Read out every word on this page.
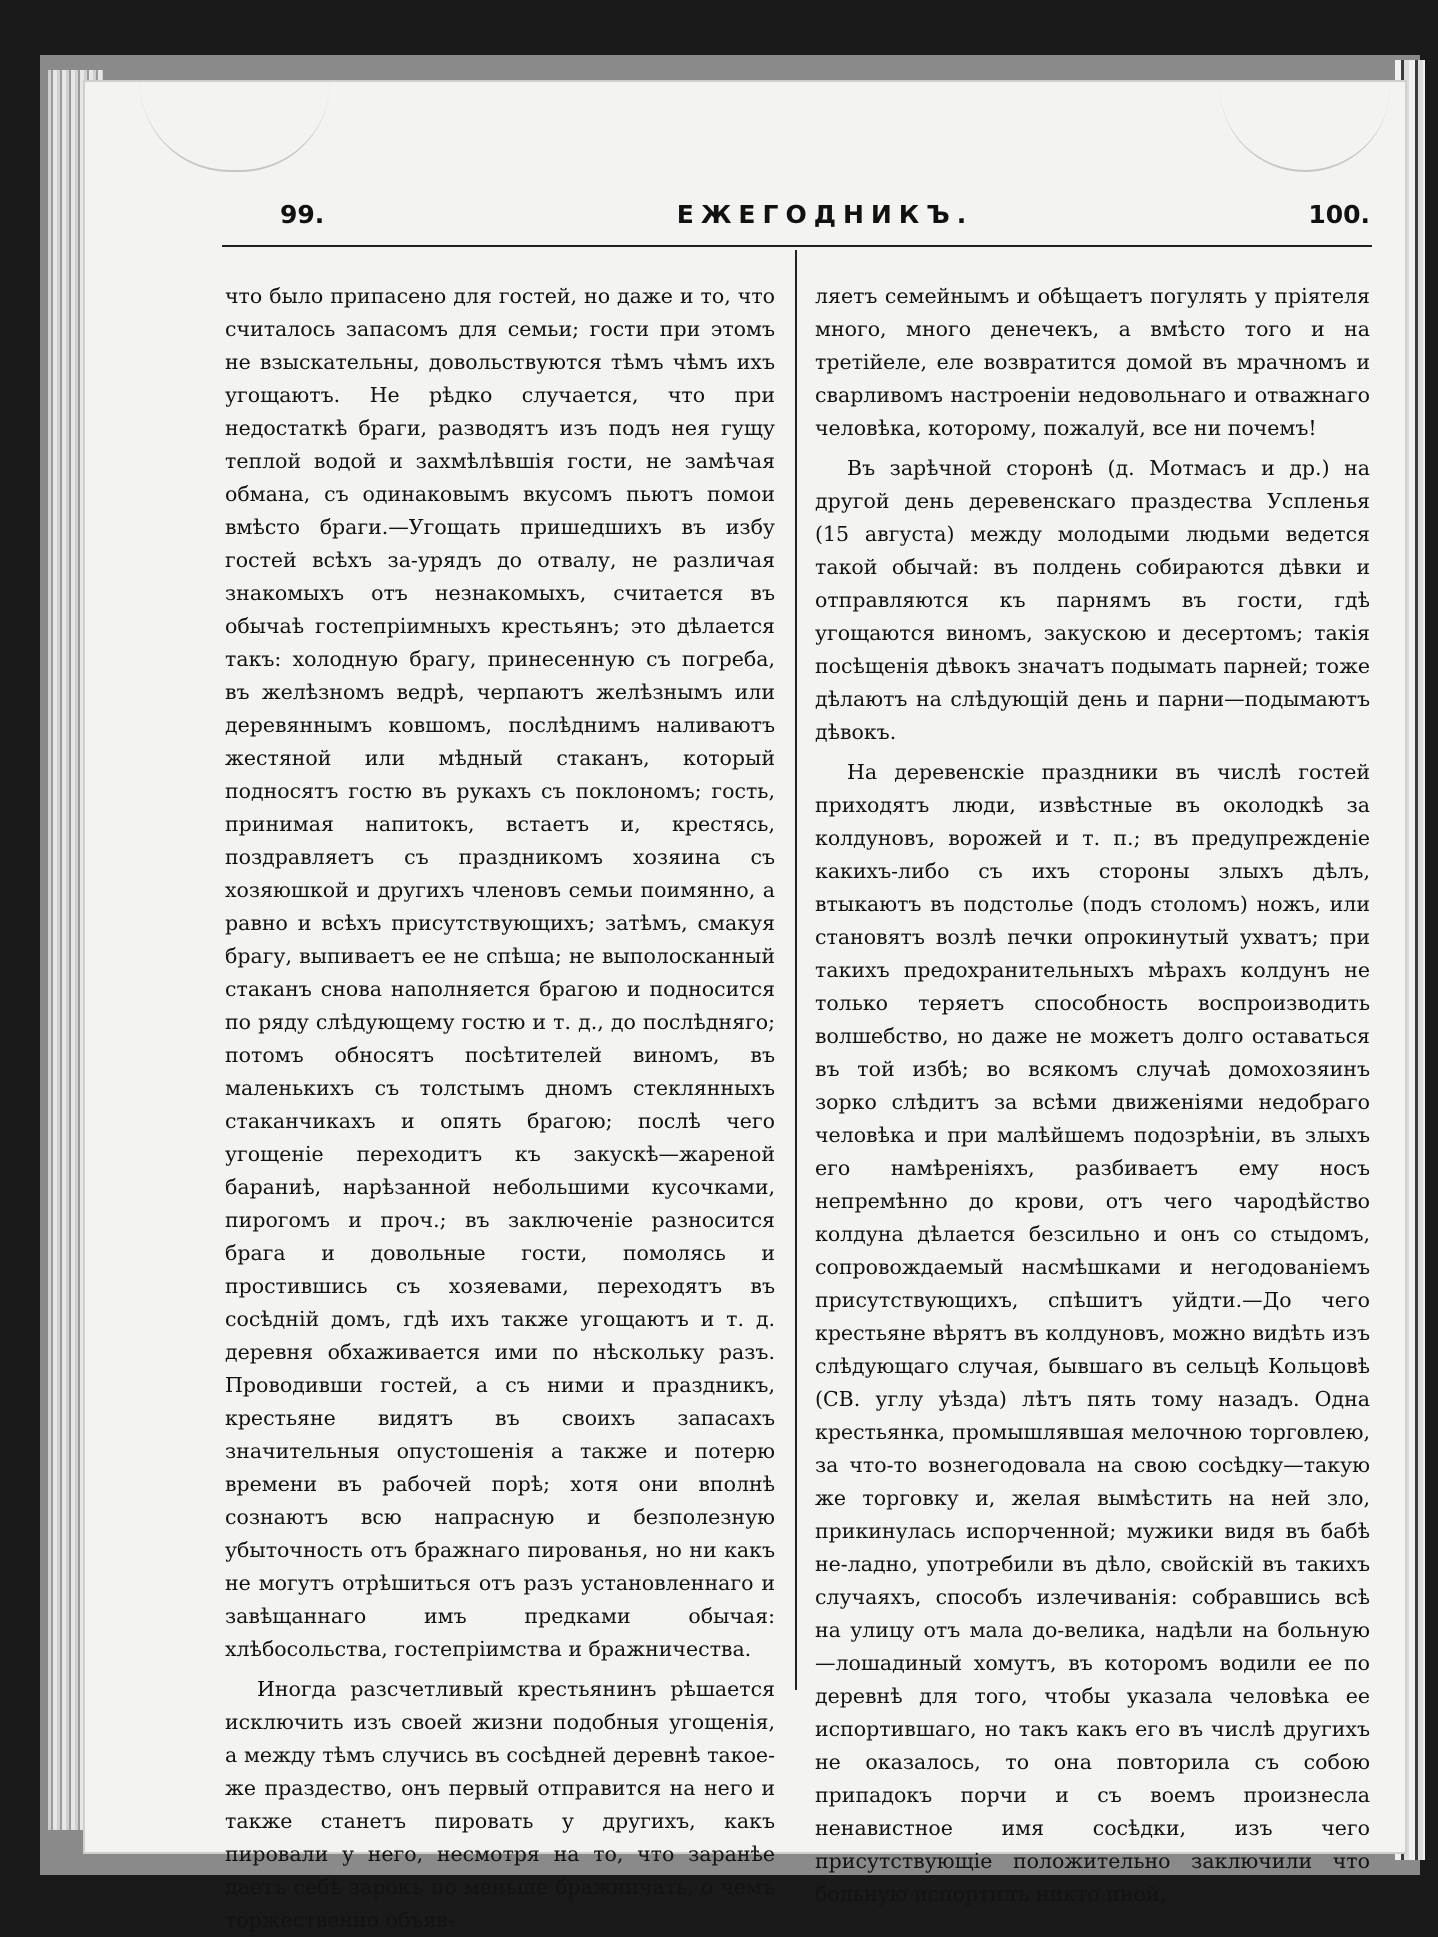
99.	ЕЖЕГОДНИКЪ.	100.

что было припасено для гостей, но даже и то, что считалось запасомъ для семьи; гости при этомъ не взыскательны, довольствуются тѣмъ чѣмъ ихъ угощаютъ. Не рѣдко случается, что при недостаткѣ браги, разводятъ изъ подъ нея гущу теплой водой и захмѣлѣвшія гости, не замѣчая обмана, съ одинаковымъ вкусомъ пьютъ помои вмѣсто браги.—Угощать пришедшихъ въ избу гостей всѣхъ за-урядъ до отвалу, не различая знакомыхъ отъ незнакомыхъ, считается въ обычаѣ гостепріимныхъ крестьянъ; это дѣлается такъ: холодную брагу, принесенную съ погреба, въ желѣзномъ ведрѣ, черпаютъ желѣзнымъ или деревяннымъ ковшомъ, послѣднимъ наливаютъ жестяной или мѣдный стаканъ, который подносятъ гостю въ рукахъ съ поклономъ; гость, принимая напитокъ, встаетъ и, крестясь, поздравляетъ съ праздникомъ хозяина съ хозяюшкой и другихъ членовъ семьи поимянно, а равно и всѣхъ присутствующихъ; затѣмъ, смакуя брагу, выпиваетъ ее не спѣша; не выполосканный стаканъ снова наполняется брагою и подносится по ряду слѣдующему гостю и т. д., до послѣдняго; потомъ обносятъ посѣтителей виномъ, въ маленькихъ съ толстымъ дномъ стеклянныхъ стаканчикахъ и опять брагою; послѣ чего угощеніе переходитъ къ закускѣ—жареной бараниѣ, нарѣзанной небольшими кусочками, пирогомъ и проч.; въ заключеніе разносится брага и довольные гости, помолясь и простившись съ хозяевами, переходятъ въ сосѣдній домъ, гдѣ ихъ также угощаютъ и т. д. деревня обхаживается ими по нѣскольку разъ. Проводивши гостей, а съ ними и праздникъ, крестьяне видятъ въ своихъ запасахъ значительныя опустошенія а также и потерю времени въ рабочей порѣ; хотя они вполнѣ сознаютъ всю напрасную и безполезную убыточность отъ бражнаго пированья, но ни какъ не могутъ отрѣшиться отъ разъ установленнаго и завѣщаннаго имъ предками обычая: хлѣбосольства, гостепріимства и бражничества.

Иногда разсчетливый крестьянинъ рѣшается исключить изъ своей жизни подобныя угощенія, а между тѣмъ случись въ сосѣдней деревнѣ такое-же праздество, онъ первый отправится на него и также станетъ пировать у другихъ, какъ пировали у него, несмотря на то, что заранѣе даетъ себѣ зарокъ по меньше бражничать, о чемъ торжественно объяв-

ляетъ семейнымъ и обѣщаетъ погулять у пріятеля много, много денечекъ, а вмѣсто того и на третійеле, еле возвратится домой въ мрачномъ и сварливомъ настроеніи недовольнаго и отважнаго человѣка, которому, пожалуй, все ни почемъ!

Въ зарѣчной сторонѣ (д. Мотмасъ и др.) на другой день деревенскаго праздества Успленья (15 августа) между молодыми людьми ведется такой обычай: въ полдень собираются дѣвки и отправляются къ парнямъ въ гости, гдѣ угощаются виномъ, закускою и десертомъ; такія посѣщенія дѣвокъ значатъ подымать парней; тоже дѣлаютъ на слѣдующій день и парни—подымаютъ дѣвокъ.

На деревенскіе праздники въ числѣ гостей приходятъ люди, извѣстные въ околодкѣ за колдуновъ, ворожей и т. п.; въ предупрежденіе какихъ-либо съ ихъ стороны злыхъ дѣлъ, втыкаютъ въ подстолье (подъ столомъ) ножъ, или становятъ возлѣ печки опрокинутый ухватъ; при такихъ предохранительныхъ мѣрахъ колдунъ не только теряетъ способность воспроизводить волшебство, но даже не можетъ долго оставаться въ той избѣ; во всякомъ случаѣ домохозяинъ зорко слѣдитъ за всѣми движеніями недобраго человѣка и при малѣйшемъ подозрѣніи, въ злыхъ его намѣреніяхъ, разбиваетъ ему носъ непремѣнно до крови, отъ чего чародѣйство колдуна дѣлается безсильно и онъ со стыдомъ, сопровождаемый насмѣшками и негодованіемъ присутствующихъ, спѣшитъ уйдти.—До чего крестьяне вѣрятъ въ колдуновъ, можно видѣть изъ слѣдующаго случая, бывшаго въ сельцѣ Кольцовѣ (СВ. углу уѣзда) лѣтъ пять тому назадъ. Одна крестьянка, промышлявшая мелочною торговлею, за что-то вознегодовала на свою сосѣдку—такую же торговку и, желая вымѣстить на ней зло, прикинулась испорченной; мужики видя въ бабѣ не-ладно, употребили въ дѣло, свойскій въ такихъ случаяхъ, способъ излечиванія: собравшись всѣ на улицу отъ мала до-велика, надѣли на больную—лошадиный хомутъ, въ которомъ водили ее по деревнѣ для того, чтобы указала человѣка ее испортившаго, но такъ какъ его въ числѣ другихъ не оказалось, то она повторила съ собою припадокъ порчи и съ воемъ произнесла ненавистное имя сосѣдки, изъ чего присутствующіе положительно заключили что больную испортилъ никто иной,
